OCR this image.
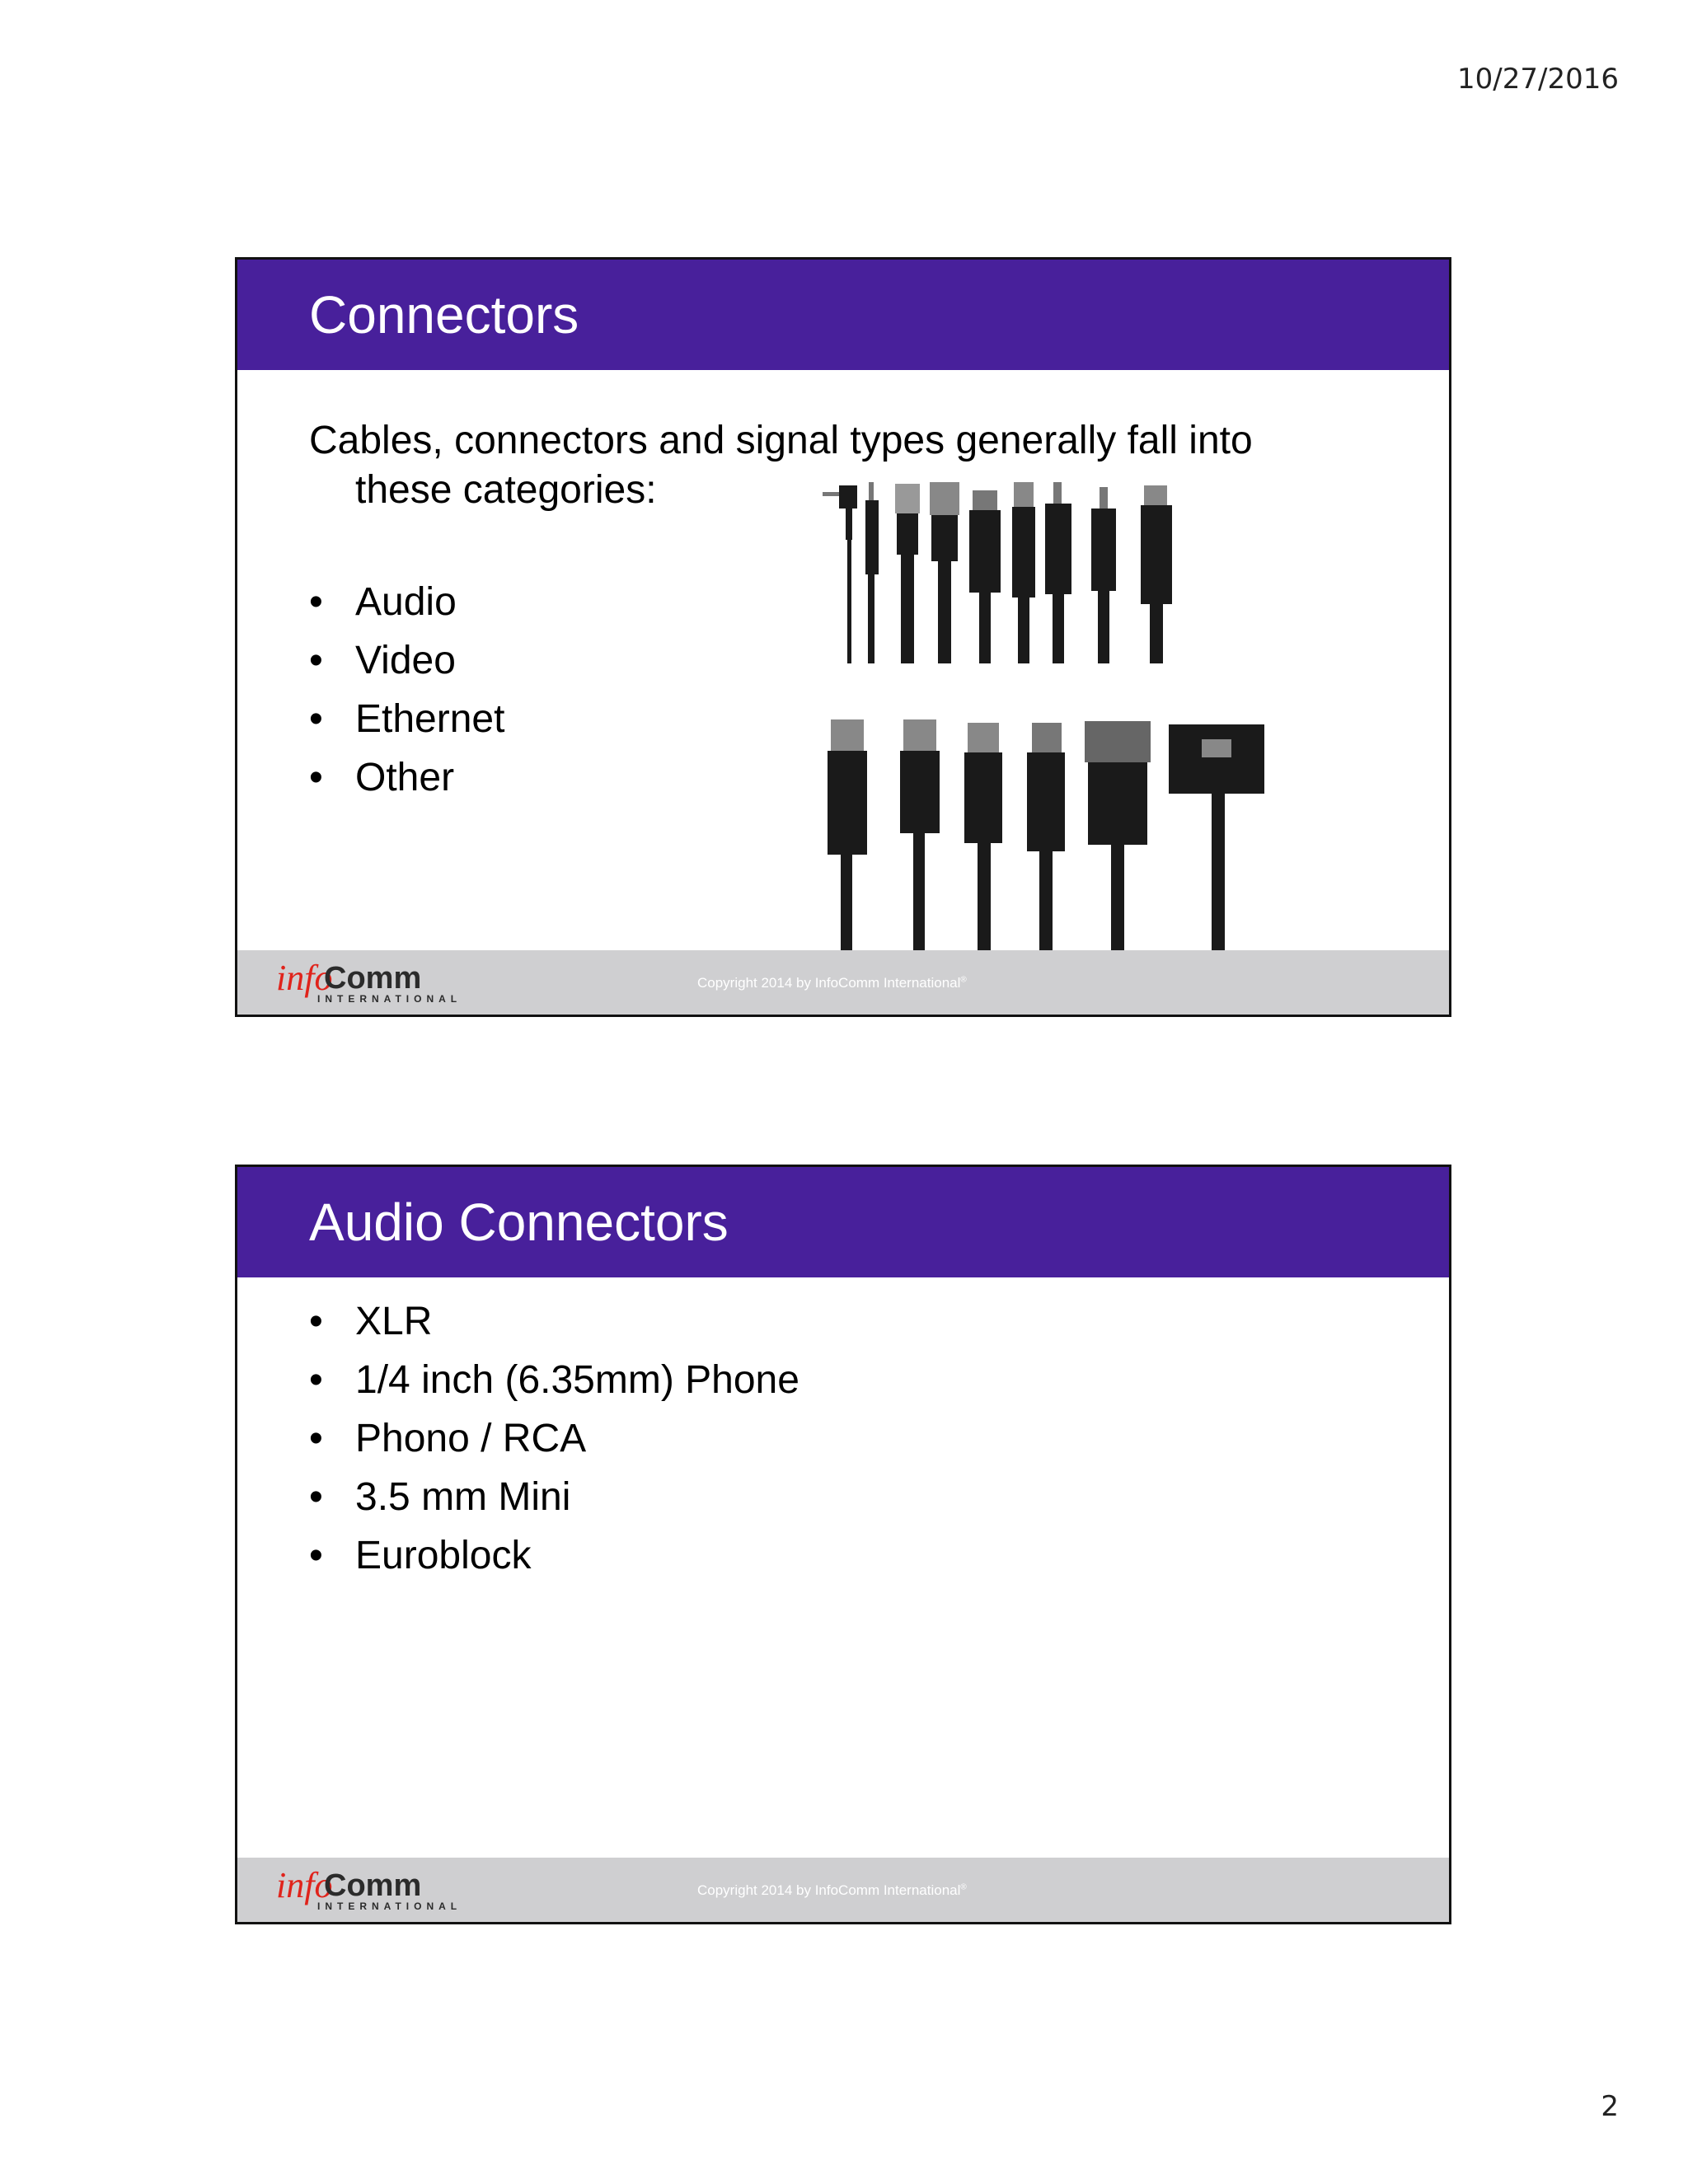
10/27/2016
Connectors
Cables, connectors and signal types generally fall into
these categories:
• Audio
• Video
• Ethernet
• Other
info
Comm
INTERNATIONAL
Copyright 2014 by InfoComm International®
Audio Connectors
• XLR
• 1/4 inch (6.35mm) Phone
• Phono / RCA
• 3.5 mm Mini
• Euroblock
info
Comm
INTERNATIONAL
Copyright 2014 by InfoComm International®
2
